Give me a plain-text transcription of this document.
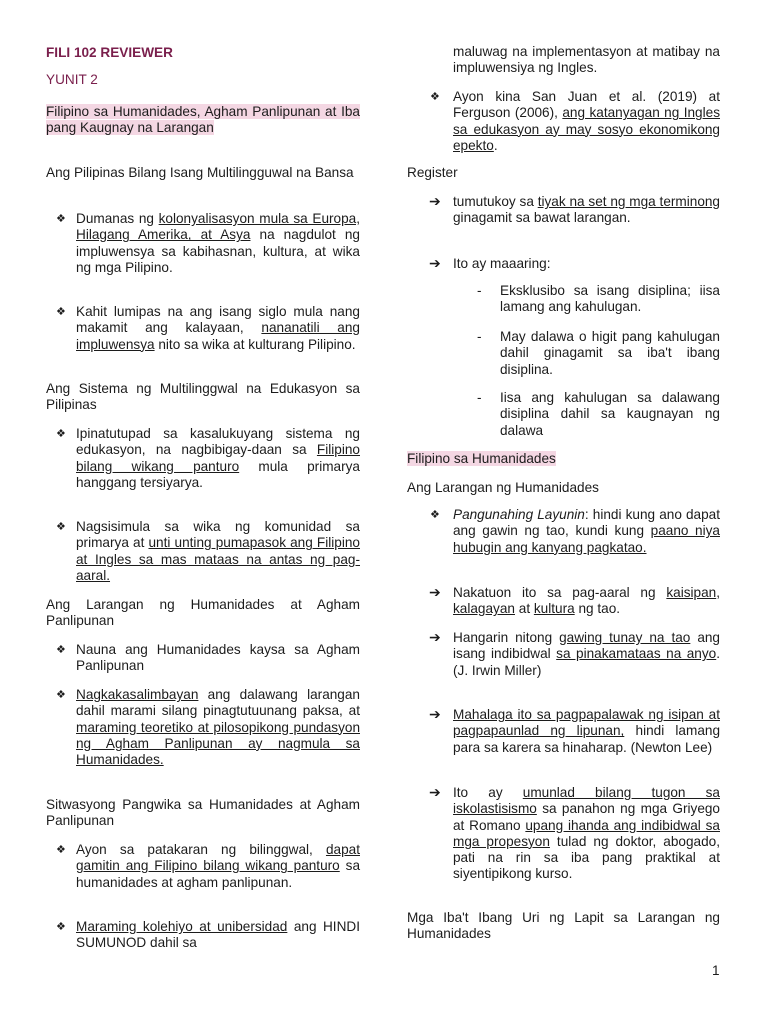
FILI 102 REVIEWER
YUNIT 2

Filipino sa Humanidades, Agham Panlipunan at Iba pang Kaugnay na Larangan

Ang Pilipinas Bilang Isang Multilingguwal na Bansa

❖ Dumanas ng kolonyalisasyon mula sa Europa, Hilagang Amerika, at Asya na nagdulot ng impluwensya sa kabihasnan, kultura, at wika ng mga Pilipino.

❖ Kahit lumipas na ang isang siglo mula nang makamit ang kalayaan, nananatili ang impluwensya nito sa wika at kulturang Pilipino.

Ang Sistema ng Multilinggwal na Edukasyon sa Pilipinas

❖ Ipinatutupad sa kasalukuyang sistema ng edukasyon, na nagbibigay-daan sa Filipino bilang wikang panturo mula primarya hanggang tersiyarya.

❖ Nagsisimula sa wika ng komunidad sa primarya at unti unting pumapasok ang Filipino at Ingles sa mas mataas na antas ng pag-aaral.

Ang Larangan ng Humanidades at Agham Panlipunan

❖ Nauna ang Humanidades kaysa sa Agham Panlipunan

❖ Nagkakasalimbayan ang dalawang larangan dahil marami silang pinagtutuunang paksa, at maraming teoretiko at pilosopikong pundasyon ng Agham Panlipunan ay nagmula sa Humanidades.

Sitwasyong Pangwika sa Humanidades at Agham Panlipunan

❖ Ayon sa patakaran ng bilinggwal, dapat gamitin ang Filipino bilang wikang panturo sa humanidades at agham panlipunan.

❖ Maraming kolehiyo at unibersidad ang HINDI SUMUNOD dahil sa

maluwag na implementasyon at matibay na impluwensiya ng Ingles.

❖ Ayon kina San Juan et al. (2019) at Ferguson (2006), ang katanyagan ng Ingles sa edukasyon ay may sosyo ekonomikong epekto.

Register

➔ tumutukoy sa tiyak na set ng mga terminong ginagamit sa bawat larangan.

➔ Ito ay maaaring:

- Eksklusibo sa isang disiplina; iisa lamang ang kahulugan.

- May dalawa o higit pang kahulugan dahil ginagamit sa iba't ibang disiplina.

- Iisa ang kahulugan sa dalawang disiplina dahil sa kaugnayan ng dalawa

Filipino sa Humanidades

Ang Larangan ng Humanidades

❖ Pangunahing Layunin: hindi kung ano dapat ang gawin ng tao, kundi kung paano niya hubugin ang kanyang pagkatao.

➔ Nakatuon ito sa pag-aaral ng kaisipan, kalagayan at kultura ng tao.

➔ Hangarin nitong gawing tunay na tao ang isang indibidwal sa pinakamataas na anyo. (J. Irwin Miller)

➔ Mahalaga ito sa pagpapalawak ng isipan at pagpapaunlad ng lipunan, hindi lamang para sa karera sa hinaharap. (Newton Lee)

➔ Ito ay umunlad bilang tugon sa iskolastisismo sa panahon ng mga Griyego at Romano upang ihanda ang indibidwal sa mga propesyon tulad ng doktor, abogado, pati na rin sa iba pang praktikal at siyentipikong kurso.

Mga Iba't Ibang Uri ng Lapit sa Larangan ng Humanidades

1
